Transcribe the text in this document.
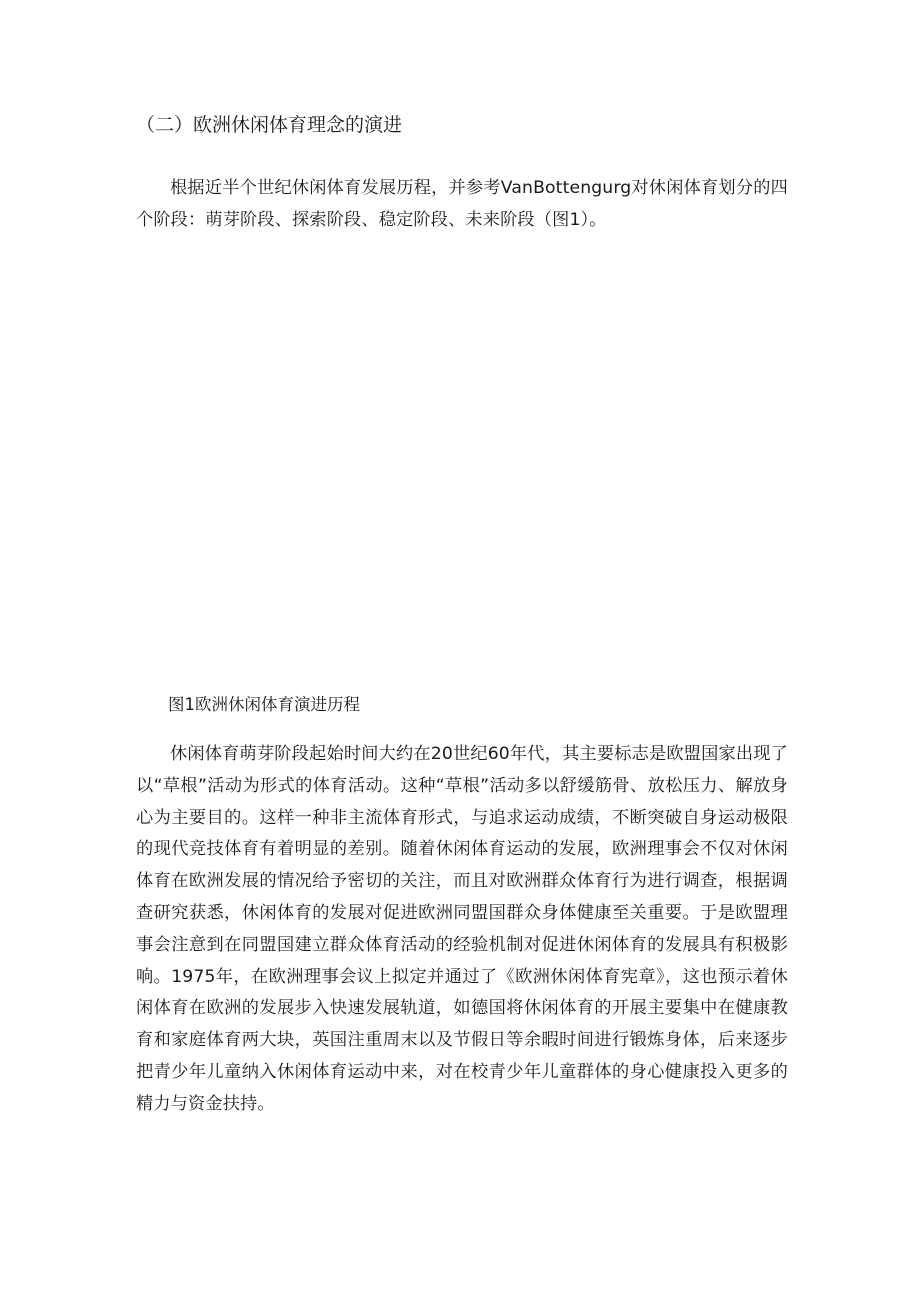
（二）欧洲休闲体育理念的演进

根据近半个世纪休闲体育发展历程，并参考VanBottengurg对休闲体育划分的四个阶段：萌芽阶段、探索阶段、稳定阶段、未来阶段（图1）。

图1欧洲休闲体育演进历程

休闲体育萌芽阶段起始时间大约在20世纪60年代，其主要标志是欧盟国家出现了以“草根”活动为形式的体育活动。这种“草根”活动多以舒缓筋骨、放松压力、解放身心为主要目的。这样一种非主流体育形式，与追求运动成绩，不断突破自身运动极限的现代竞技体育有着明显的差别。随着休闲体育运动的发展，欧洲理事会不仅对休闲体育在欧洲发展的情况给予密切的关注，而且对欧洲群众体育行为进行调查，根据调查研究获悉，休闲体育的发展对促进欧洲同盟国群众身体健康至关重要。于是欧盟理事会注意到在同盟国建立群众体育活动的经验机制对促进休闲体育的发展具有积极影响。1975年，在欧洲理事会议上拟定并通过了《欧洲休闲体育宪章》，这也预示着休闲体育在欧洲的发展步入快速发展轨道，如德国将休闲体育的开展主要集中在健康教育和家庭体育两大块，英国注重周末以及节假日等余暇时间进行锻炼身体，后来逐步把青少年儿童纳入休闲体育运动中来，对在校青少年儿童群体的身心健康投入更多的精力与资金扶持。
